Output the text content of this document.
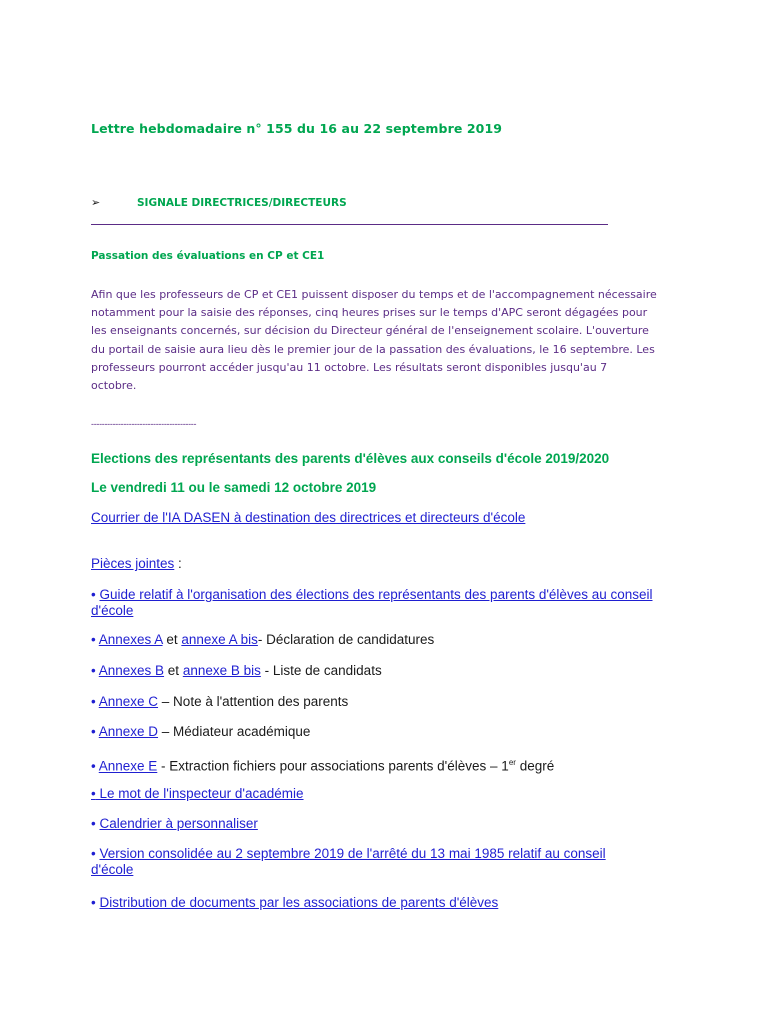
Lettre hebdomadaire n° 155 du 16 au 22 septembre 2019
➢	SIGNALE DIRECTRICES/DIRECTEURS
Passation des évaluations en CP et CE1
Afin que les professeurs de CP et CE1 puissent disposer du temps et de l'accompagnement nécessaire
notamment pour la saisie des réponses, cinq heures prises sur le temps d'APC seront dégagées pour
les enseignants concernés, sur décision du Directeur général de l'enseignement scolaire. L'ouverture
du portail de saisie aura lieu dès le premier jour de la passation des évaluations, le 16 septembre. Les
professeurs pourront accéder jusqu'au 11 octobre. Les résultats seront disponibles jusqu'au 7
octobre.
---------------------------------------
Elections des représentants des parents d'élèves aux conseils d'école 2019/2020
Le vendredi 11 ou le samedi 12 octobre 2019
Courrier de l'IA DASEN à destination des directrices et directeurs d'école
Pièces jointes :
• Guide relatif à l'organisation des élections des représentants des parents d'élèves au conseil
d'école
• Annexes A et annexe A bis- Déclaration de candidatures
• Annexes B et annexe B bis - Liste de candidats
• Annexe C – Note à l'attention des parents
• Annexe D – Médiateur académique
• Annexe E - Extraction fichiers pour associations parents d'élèves – 1er degré
• Le mot de l'inspecteur d'académie
• Calendrier à personnaliser
• Version consolidée au 2 septembre 2019 de l'arrêté du 13 mai 1985 relatif au conseil
d'école
• Distribution de documents par les associations de parents d'élèves
